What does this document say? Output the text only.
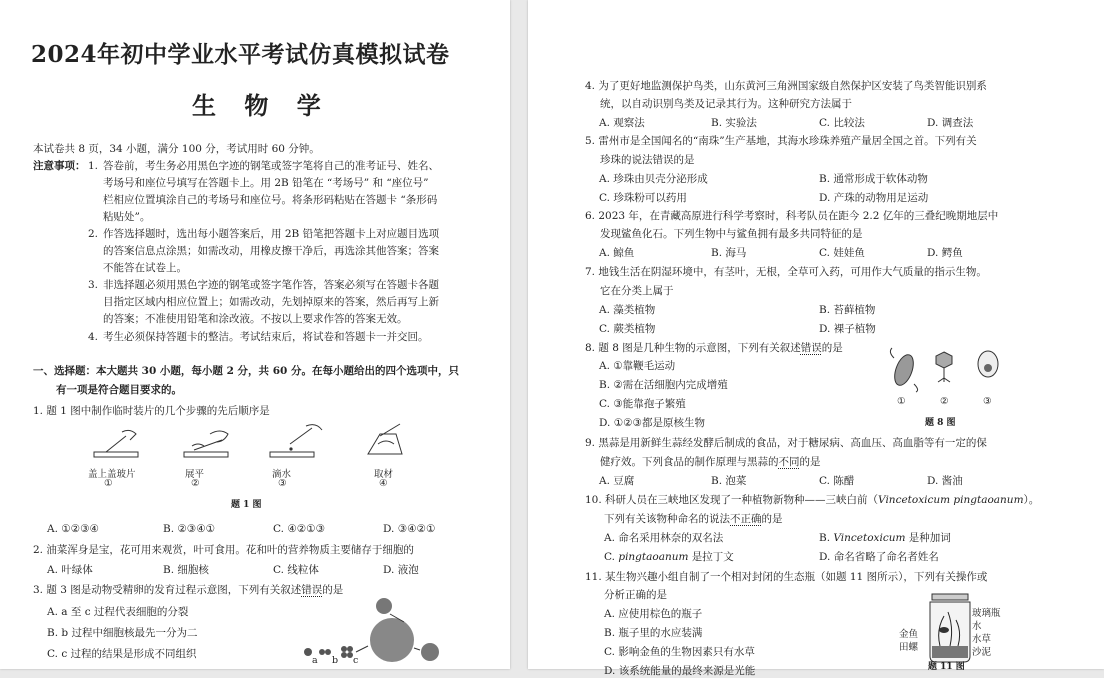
2024年初中学业水平考试仿真模拟试卷
生 物 学
本试卷共 8 页，34 小题，满分 100 分，考试用时 60 分钟。
注意事项： 1. 答卷前，考生务必用黑色字迹的钢笔或签字笔将自己的准考证号、姓名、
考场号和座位号填写在答题卡上。用 2B 铅笔在 “考场号” 和 “座位号”
栏相应位置填涂自己的考场号和座位号。将条形码粘贴在答题卡 “条形码
粘贴处”。
2. 作答选择题时，选出每小题答案后，用 2B 铅笔把答题卡上对应题目选项
的答案信息点涂黑；如需改动，用橡皮擦干净后，再选涂其他答案；答案
不能答在试卷上。
3. 非选择题必须用黑色字迹的钢笔或签字笔作答，答案必须写在答题卡各题
目指定区域内相应位置上；如需改动，先划掉原来的答案，然后再写上新
的答案；不准使用铅笔和涂改液。不按以上要求作答的答案无效。
4. 考生必须保持答题卡的整洁。考试结束后，将试卷和答题卡一并交回。
一、选择题：本大题共 30 小题，每小题 2 分，共 60 分。在每小题给出的四个选项中，只
有一项是符合题目要求的。
1. 题 1 图中制作临时装片的几个步骤的先后顺序是
盖上盖玻片
①
展平
②
滴水
③
取材
④
题 1 图
A. ①②③④	B. ②③④①	C. ④②①③	D. ③④②①
2. 油菜浑身是宝，花可用来观赏，叶可食用。花和叶的营养物质主要储存于细胞的
A. 叶绿体	B. 细胞核	C. 线粒体	D. 液泡
3. 题 3 图是动物受精卵的发育过程示意图，下列有关叙述错误的是
A. a 至 c 过程代表细胞的分裂
B. b 过程中细胞核最先一分为二
C. c 过程的结果是形成不同组织
a b c
4. 为了更好地监测保护鸟类，山东黄河三角洲国家级自然保护区安装了鸟类智能识别系
统，以自动识别鸟类及记录其行为。这种研究方法属于
A. 观察法	B. 实验法	C. 比较法	D. 调查法
5. 雷州市是全国闻名的“南珠”生产基地，其海水珍珠养殖产量居全国之首。下列有关
珍珠的说法错误的是
A. 珍珠由贝壳分泌形成	B. 通常形成于软体动物
C. 珍珠粉可以药用	D. 产珠的动物用足运动
6. 2023 年，在青藏高原进行科学考察时，科考队员在距今 2.2 亿年的三叠纪晚期地层中
发现鲨鱼化石。下列生物中与鲨鱼拥有最多共同特征的是
A. 鲸鱼	B. 海马	C. 娃娃鱼	D. 鳄鱼
7. 地钱生活在阴湿环境中，有茎叶，无根，全草可入药，可用作大气质量的指示生物。
它在分类上属于
A. 藻类植物	B. 苔藓植物
C. 蕨类植物	D. 裸子植物
8. 题 8 图是几种生物的示意图，下列有关叙述错误的是
A. ①靠鞭毛运动
B. ②需在活细胞内完成增殖
C. ③能靠孢子繁殖
D. ①②③都是原核生物
①	②	③
题 8 图
9. 黑蒜是用新鲜生蒜经发酵后制成的食品，对于糖尿病、高血压、高血脂等有一定的保
健疗效。下列食品的制作原理与黑蒜的不同的是
A. 豆腐	B. 泡菜	C. 陈醋	D. 酱油
10. 科研人员在三峡地区发现了一种植物新物种——三峡白前（Vincetoxicum pingtaoanum）。
下列有关该物种命名的说法不正确的是
A. 命名采用林奈的双名法	B. Vincetoxicum 是种加词
C. pingtaoanum 是拉丁文	D. 命名省略了命名者姓名
11. 某生物兴趣小组自制了一个相对封闭的生态瓶（如题 11 图所示），下列有关操作或
分析正确的是
A. 应使用棕色的瓶子
B. 瓶子里的水应装满
C. 影响金鱼的生物因素只有水草
D. 该系统能量的最终来源是光能
玻璃瓶
水
水草
沙泥
金鱼
田螺
题 11 图
